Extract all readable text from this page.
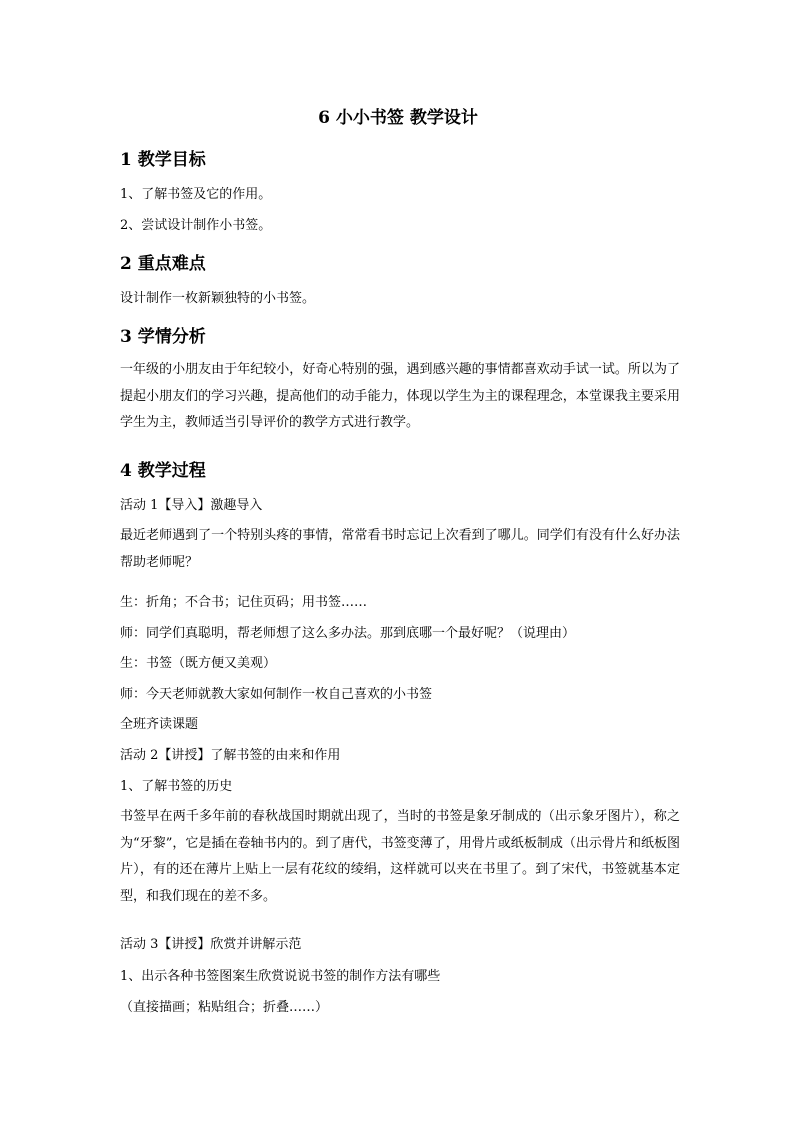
6 小小书签 教学设计
1 教学目标
1、了解书签及它的作用。
2、尝试设计制作小书签。
2 重点难点
设计制作一枚新颖独特的小书签。
3 学情分析
一年级的小朋友由于年纪较小，好奇心特别的强，遇到感兴趣的事情都喜欢动手试一试。所以为了提起小朋友们的学习兴趣，提高他们的动手能力，体现以学生为主的课程理念，本堂课我主要采用学生为主，教师适当引导评价的教学方式进行教学。
4 教学过程
活动 1【导入】激趣导入
最近老师遇到了一个特别头疼的事情，常常看书时忘记上次看到了哪儿。同学们有没有什么好办法帮助老师呢？
生：折角；不合书；记住页码；用书签……
师：同学们真聪明，帮老师想了这么多办法。那到底哪一个最好呢？（说理由）
生：书签（既方便又美观）
师：今天老师就教大家如何制作一枚自己喜欢的小书签
全班齐读课题
活动 2【讲授】了解书签的由来和作用
1、了解书签的历史
书签早在两千多年前的春秋战国时期就出现了，当时的书签是象牙制成的（出示象牙图片），称之为“牙黎”，它是插在卷轴书内的。到了唐代，书签变薄了，用骨片或纸板制成（出示骨片和纸板图片），有的还在薄片上贴上一层有花纹的绫绢，这样就可以夹在书里了。到了宋代，书签就基本定型，和我们现在的差不多。
活动 3【讲授】欣赏并讲解示范
1、出示各种书签图案生欣赏说说书签的制作方法有哪些
（直接描画；粘贴组合；折叠……）
